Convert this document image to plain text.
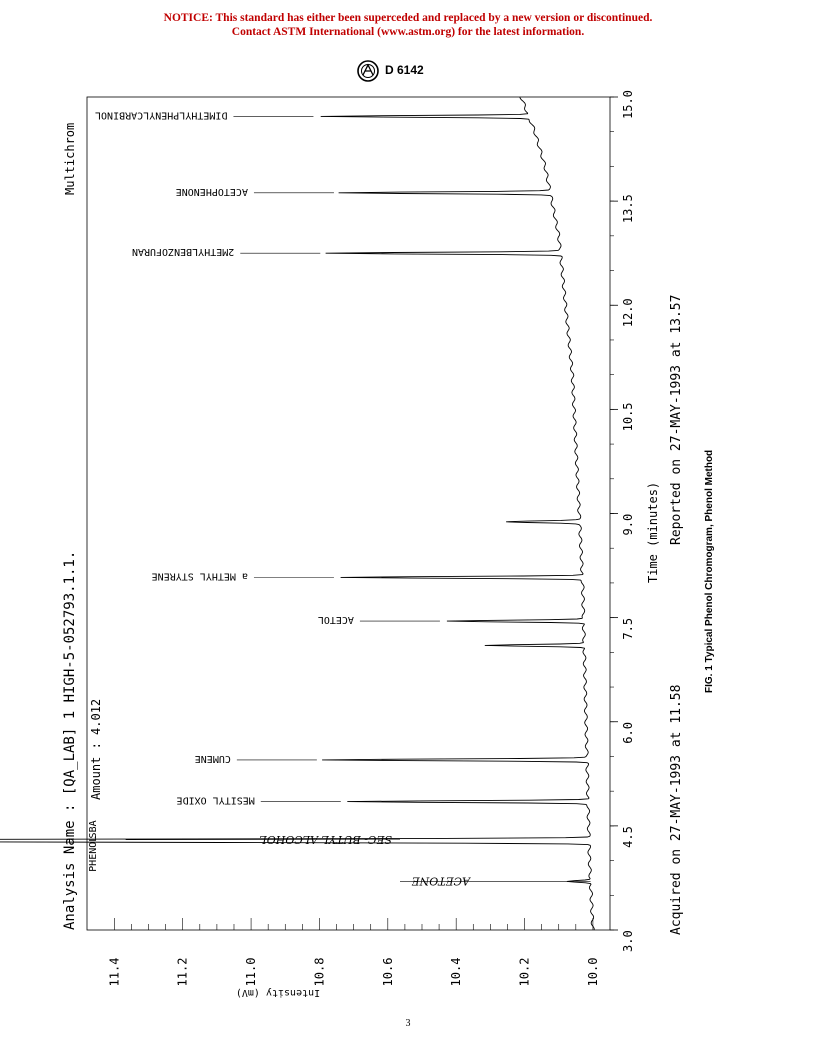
NOTICE: This standard has either been superceded and replaced by a new version or discontinued.
Contact ASTM International (www.astm.org) for the latest information.
D 6142
3.0
4.5
6.0
7.5
9.0
10.5
12.0
13.5
15.0
10.0
10.2
10.4
10.6
10.8
11.0
11.2
11.4
Intensity (mV)
ACETONE
PHENOL
SBA
SEC- BUTYL ALCOHOL
MESITYL OXIDE
CUMENE
ACETOL
a METHYL STYRENE
2METHYLBENZOFURAN
ACETOPHENONE
DIMETHYLPHENYLCARBINOL
Analysis Name : [QA_LAB] 1 HIGH-5-052793.1.1.
Multichrom
Amount : 4.012
Time (minutes)
Acquired on 27-MAY-1993 at 11.58
Reported on 27-MAY-1993 at 13.57
FIG. 1 Typical Phenol Chromogram, Phenol Method
3
